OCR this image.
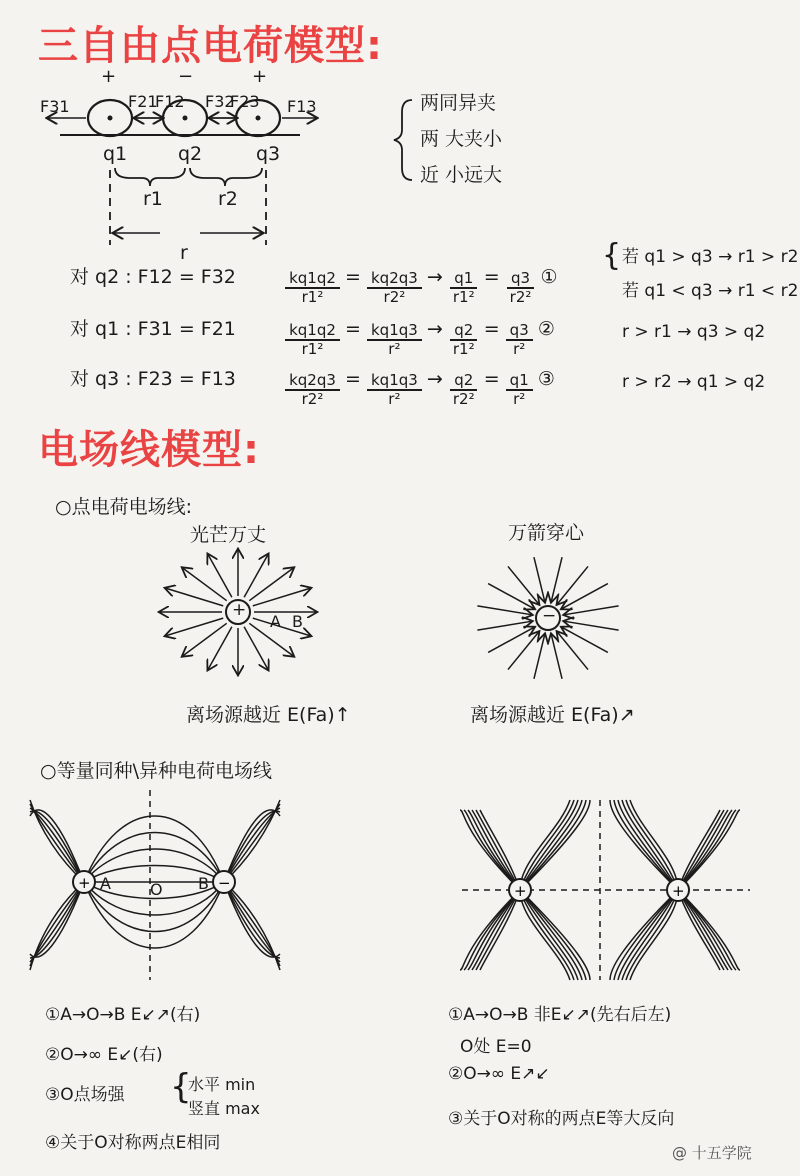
三自由点电荷模型:
+	−	+
F31	F21
F12 F32
F23 F13
q1	q2	q3
r1	r2
r
两同异夹
两 大夹小
近 小远大
对 q2 : F12 = F32	$\frac{kq1q2}{\text{r1²}} = \frac{kq2q3}{\text{r2²}} \to \frac{q1}{\text{r1²}} = \frac{q3}{\text{r2²}}$ ①
对 q1 : F31 = F21	$\frac{kq1q2}{\text{r1²}} = \frac{kq1q3}{\text{r²}} \to \frac{q2}{\text{r1²}} = \frac{q3}{\text{r²}}$ ②
对 q3 : F23 = F13	$\frac{kq2q3}{\text{r2²}} = \frac{kq1q3}{\text{r²}} \to \frac{q2}{\text{r2²}} = \frac{q1}{\text{r²}}$ ③
{ 若 q1 > q3 → r1 > r2
若 q1 < q3 → r1 < r2
r > r1 → q3 > q2
r > r2 → q1 > q2
电场线模型:
○点电荷电场线:
光芒万丈	万箭穿心
+	−
A B
离场源越近 E(Fa)↑	离场源越近 E(Fa)↗
○等量同种\异种电荷电场线
+	−	+	+
A O B
①A→O→B E↙↗(右)
②O→∞ E↙(右)
③O点场强 {
水平 min
竖直 max
④关于O对称两点E相同
①A→O→B 非E↙↗(先右后左)
O处 E=0
②O→∞ E↗↙
③关于O对称的两点E等大反向
@ 十五学院
